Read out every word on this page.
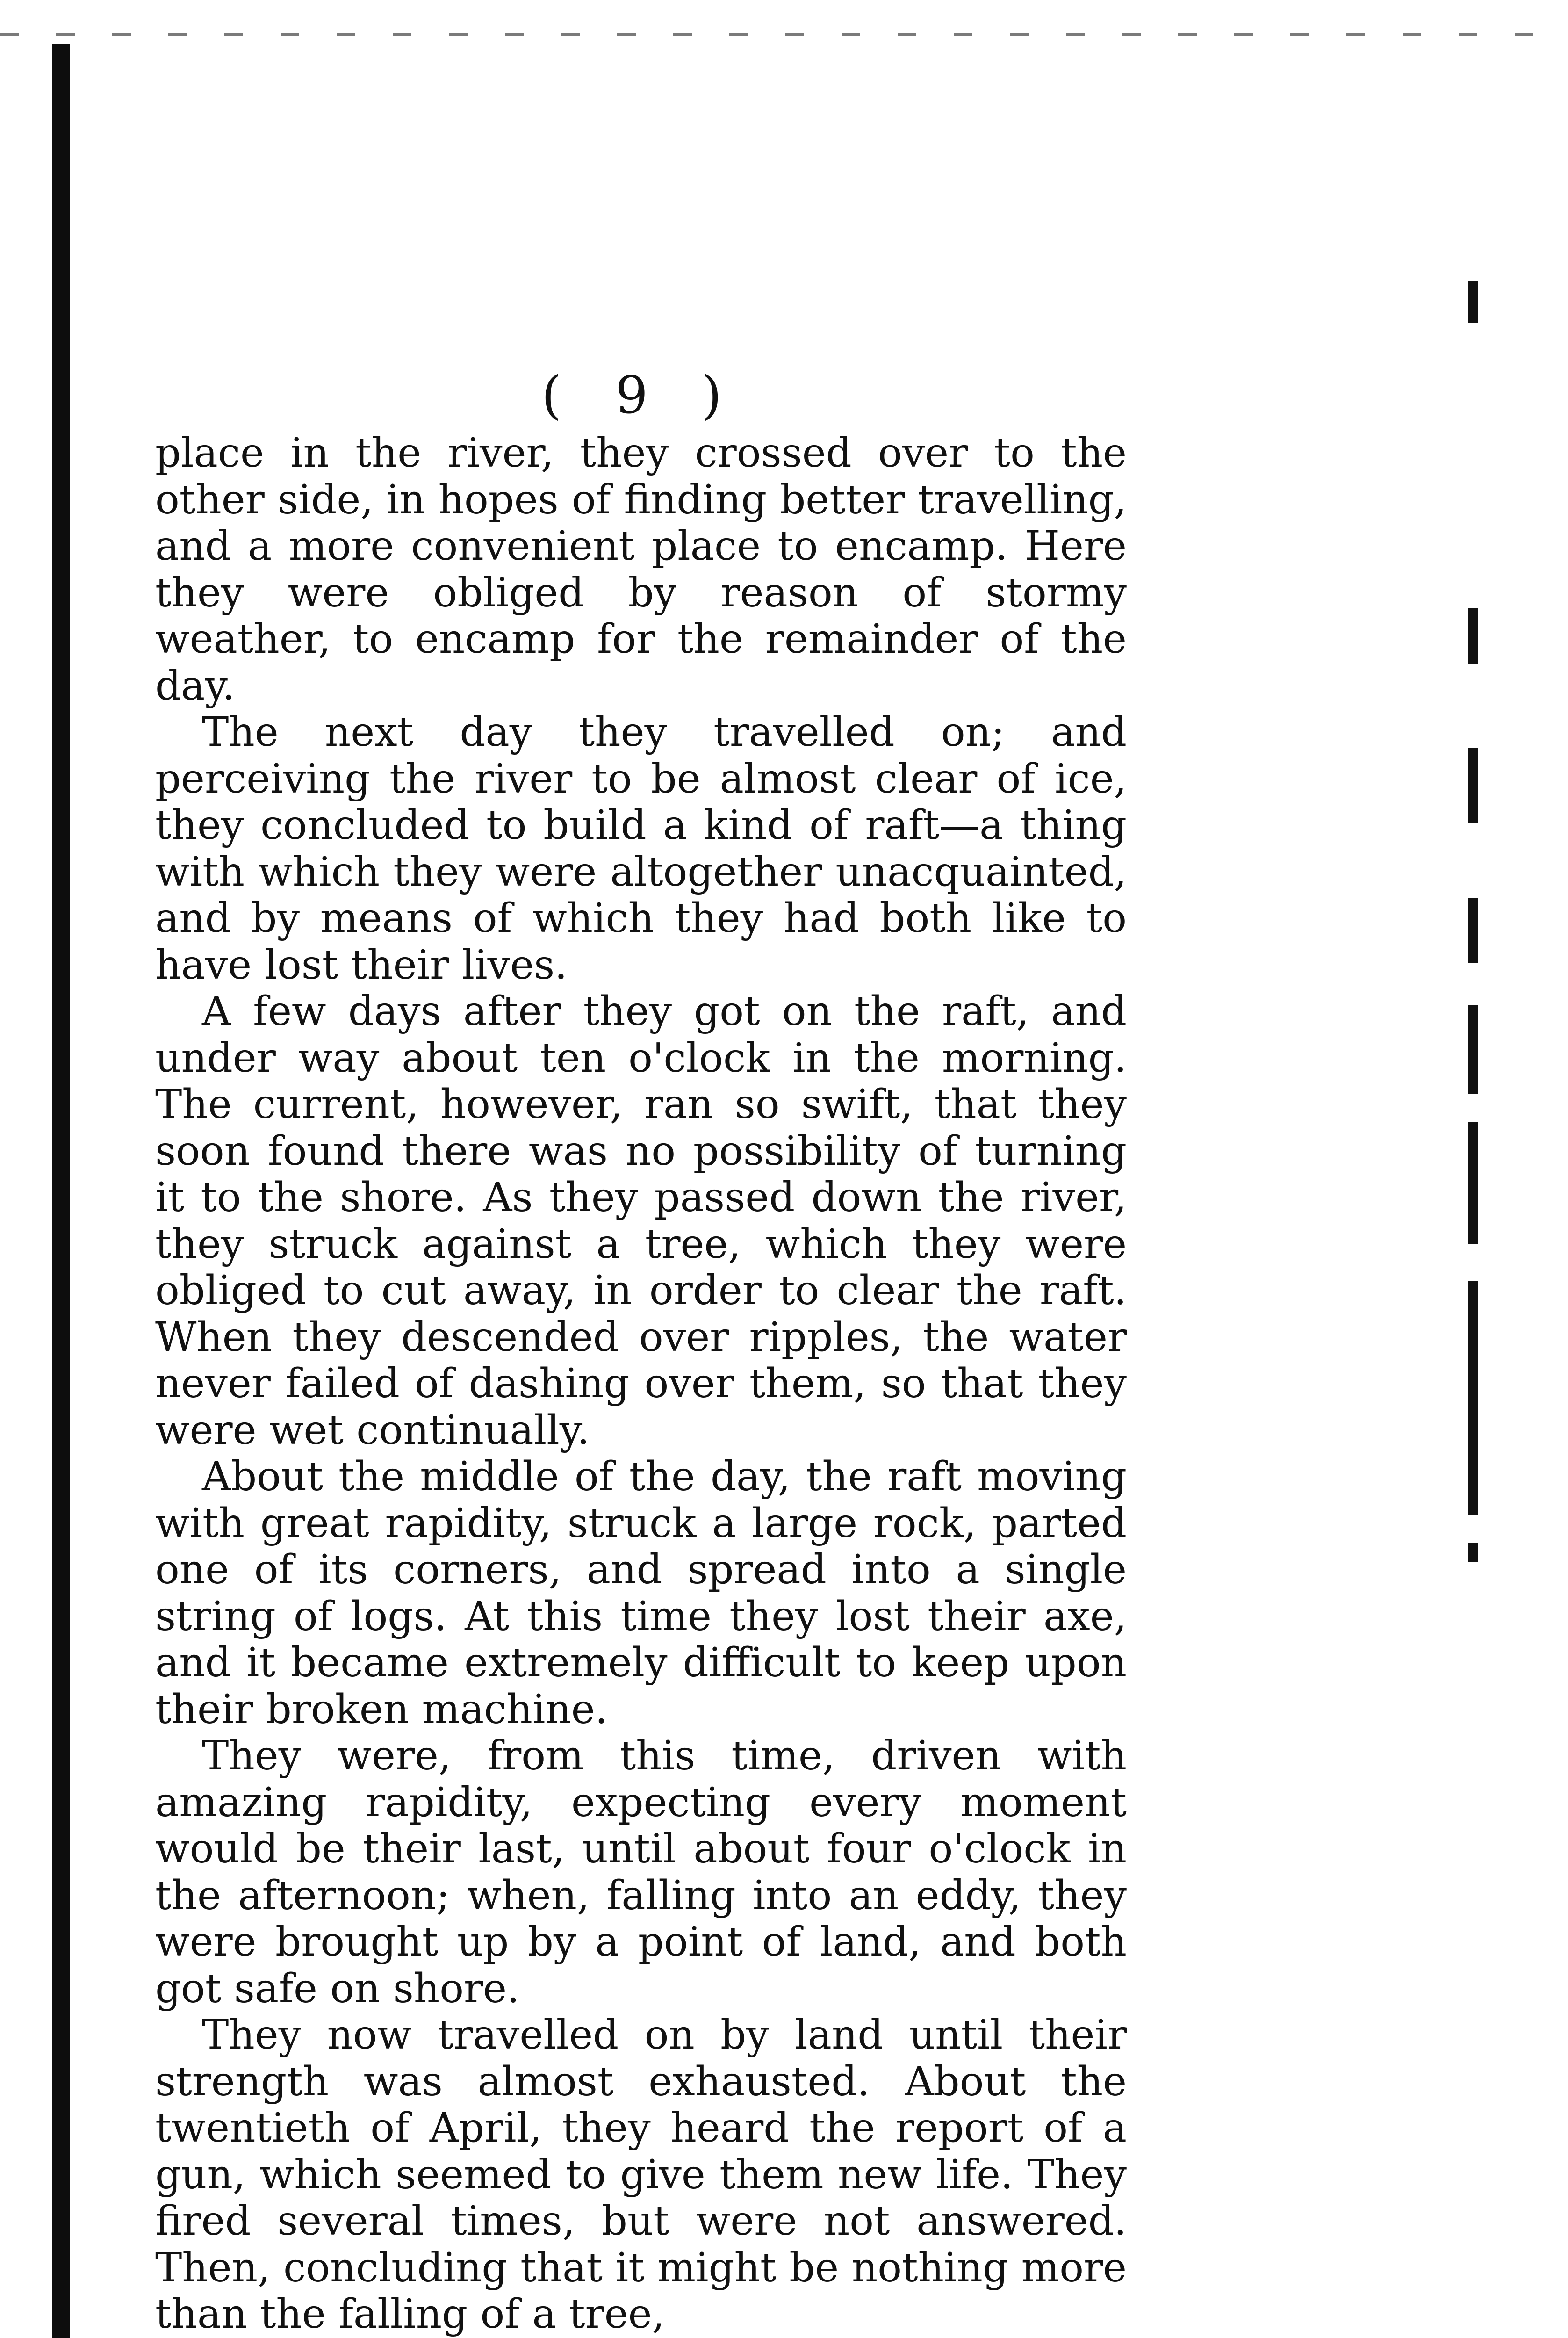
( 9 )

place in the river, they crossed over to the other side, in hopes of finding better travelling, and a more convenient place to encamp. Here they were obliged by reason of stormy weather, to encamp for the remainder of the day.

The next day they travelled on; and perceiving the river to be almost clear of ice, they concluded to build a kind of raft—a thing with which they were altogether unacquainted, and by means of which they had both like to have lost their lives.

A few days after they got on the raft, and under way about ten o'clock in the morning. The current, however, ran so swift, that they soon found there was no possibility of turning it to the shore. As they passed down the river, they struck against a tree, which they were obliged to cut away, in order to clear the raft. When they descended over ripples, the water never failed of dashing over them, so that they were wet continually.

About the middle of the day, the raft moving with great rapidity, struck a large rock, parted one of its corners, and spread into a single string of logs. At this time they lost their axe, and it became extremely difficult to keep upon their broken machine.

They were, from this time, driven with amazing rapidity, expecting every moment would be their last, until about four o'clock in the afternoon; when, falling into an eddy, they were brought up by a point of land, and both got safe on shore.

They now travelled on by land until their strength was almost exhausted. About the twentieth of April, they heard the report of a gun, which seemed to give them new life. They fired several times, but were not answered. Then, concluding that it might be nothing more than the falling of a tree,
